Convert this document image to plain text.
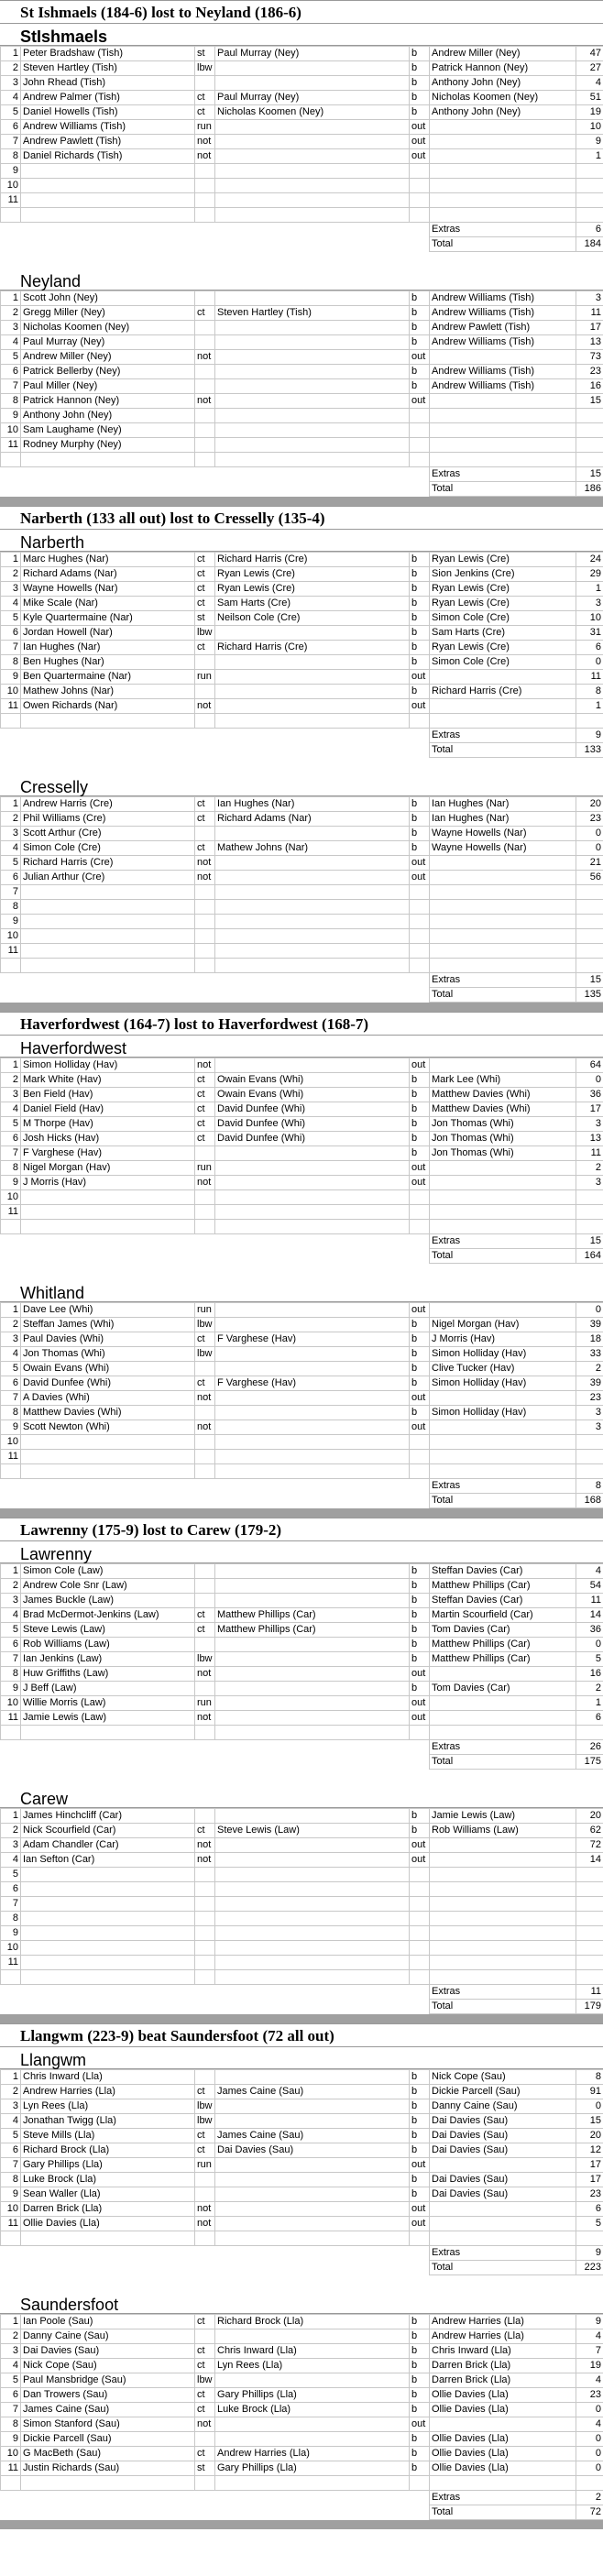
St Ishmaels (184-6) lost to Neyland (186-6)
StIshmaels
1	Peter Bradshaw (Tish)	st	Paul Murray (Ney)	b	Andrew Miller (Ney)	47
2	Steven Hartley (Tish)	lbw		b	Patrick Hannon (Ney)	27
3	John Rhead (Tish)			b	Anthony John (Ney)	4
4	Andrew Palmer (Tish)	ct	Paul Murray (Ney)	b	Nicholas Koomen (Ney)	51
5	Daniel Howells (Tish)	ct	Nicholas Koomen (Ney)	b	Anthony John (Ney)	19
6	Andrew Williams (Tish)	run		out		10
7	Andrew Pawlett (Tish)	not		out		9
8	Daniel Richards (Tish)	not		out		1
9						
10						
11						

					Extras	6
					Total	184
Neyland
1	Scott John (Ney)			b	Andrew Williams (Tish)	3
2	Gregg Miller (Ney)	ct	Steven Hartley (Tish)	b	Andrew Williams (Tish)	11
3	Nicholas Koomen (Ney)			b	Andrew Pawlett (Tish)	17
4	Paul Murray (Ney)			b	Andrew Williams (Tish)	13
5	Andrew Miller (Ney)	not		out		73
6	Patrick Bellerby (Ney)			b	Andrew Williams (Tish)	23
7	Paul Miller (Ney)			b	Andrew Williams (Tish)	16
8	Patrick Hannon (Ney)	not		out		15
9	Anthony John (Ney)					
10	Sam Laughame (Ney)					
11	Rodney Murphy (Ney)					

					Extras	15
					Total	186
Narberth (133 all out) lost to Cresselly (135-4)
Narberth
1	Marc Hughes (Nar)	ct	Richard Harris (Cre)	b	Ryan Lewis (Cre)	24
2	Richard Adams (Nar)	ct	Ryan Lewis (Cre)	b	Sion Jenkins (Cre)	29
3	Wayne Howells (Nar)	ct	Ryan Lewis (Cre)	b	Ryan Lewis (Cre)	1
4	Mike Scale (Nar)	ct	Sam Harts (Cre)	b	Ryan Lewis (Cre)	3
5	Kyle Quartermaine (Nar)	st	Neilson Cole (Cre)	b	Simon Cole (Cre)	10
6	Jordan Howell (Nar)	lbw		b	Sam Harts (Cre)	31
7	Ian Hughes (Nar)	ct	Richard Harris (Cre)	b	Ryan Lewis (Cre)	6
8	Ben Hughes (Nar)			b	Simon Cole (Cre)	0
9	Ben Quartermaine (Nar)	run		out		11
10	Mathew Johns (Nar)			b	Richard Harris (Cre)	8
11	Owen Richards (Nar)	not		out		1

					Extras	9
					Total	133
Cresselly
1	Andrew Harris (Cre)	ct	Ian Hughes (Nar)	b	Ian Hughes (Nar)	20
2	Phil Williams (Cre)	ct	Richard Adams (Nar)	b	Ian Hughes (Nar)	23
3	Scott Arthur (Cre)			b	Wayne Howells (Nar)	0
4	Simon Cole (Cre)	ct	Mathew Johns (Nar)	b	Wayne Howells (Nar)	0
5	Richard Harris (Cre)	not		out		21
6	Julian Arthur (Cre)	not		out		56
7						
8						
9						
10						
11						

					Extras	15
					Total	135
Haverfordwest (164-7) lost to Haverfordwest (168-7)
Haverfordwest
1	Simon Holliday (Hav)	not		out		64
2	Mark White (Hav)	ct	Owain Evans (Whi)	b	Mark Lee (Whi)	0
3	Ben Field (Hav)	ct	Owain Evans (Whi)	b	Matthew Davies (Whi)	36
4	Daniel Field (Hav)	ct	David Dunfee (Whi)	b	Matthew Davies (Whi)	17
5	M Thorpe (Hav)	ct	David Dunfee (Whi)	b	Jon Thomas (Whi)	3
6	Josh Hicks (Hav)	ct	David Dunfee (Whi)	b	Jon Thomas (Whi)	13
7	F Varghese (Hav)			b	Jon Thomas (Whi)	11
8	Nigel Morgan (Hav)	run		out		2
9	J Morris (Hav)	not		out		3
10						
11						

					Extras	15
					Total	164
Whitland
1	Dave Lee (Whi)	run		out		0
2	Steffan James (Whi)	lbw		b	Nigel Morgan (Hav)	39
3	Paul Davies (Whi)	ct	F Varghese (Hav)	b	J Morris (Hav)	18
4	Jon Thomas (Whi)	lbw		b	Simon Holliday (Hav)	33
5	Owain Evans (Whi)			b	Clive Tucker (Hav)	2
6	David Dunfee (Whi)	ct	F Varghese (Hav)	b	Simon Holliday (Hav)	39
7	A Davies (Whi)	not		out		23
8	Matthew Davies (Whi)			b	Simon Holliday (Hav)	3
9	Scott Newton (Whi)	not		out		3
10						
11						

					Extras	8
					Total	168
Lawrenny (175-9) lost to Carew (179-2)
Lawrenny
1	Simon Cole (Law)			b	Steffan Davies (Car)	4
2	Andrew Cole Snr (Law)			b	Matthew Phillips (Car)	54
3	James Buckle (Law)			b	Steffan Davies (Car)	11
4	Brad McDermot-Jenkins (Law)	ct	Matthew Phillips (Car)	b	Martin Scourfield (Car)	14
5	Steve Lewis (Law)	ct	Matthew Phillips (Car)	b	Tom Davies (Car)	36
6	Rob Williams (Law)			b	Matthew Phillips (Car)	0
7	Ian Jenkins (Law)	lbw		b	Matthew Phillips (Car)	5
8	Huw Griffiths (Law)	not		out		16
9	J Beff (Law)			b	Tom Davies (Car)	2
10	Willie Morris (Law)	run		out		1
11	Jamie Lewis (Law)	not		out		6

					Extras	26
					Total	175
Carew
1	James Hinchcliff (Car)			b	Jamie Lewis (Law)	20
2	Nick Scourfield (Car)	ct	Steve Lewis (Law)	b	Rob Williams (Law)	62
3	Adam Chandler (Car)	not		out		72
4	Ian Sefton (Car)	not		out		14
5						
6						
7						
8						
9						
10						
11						

					Extras	11
					Total	179
Llangwm (223-9) beat Saundersfoot (72 all out)
Llangwm
1	Chris Inward (Lla)			b	Nick Cope (Sau)	8
2	Andrew Harries (Lla)	ct	James Caine (Sau)	b	Dickie Parcell (Sau)	91
3	Lyn Rees (Lla)	lbw		b	Danny Caine (Sau)	0
4	Jonathan Twigg (Lla)	lbw		b	Dai Davies (Sau)	15
5	Steve Mills (Lla)	ct	James Caine (Sau)	b	Dai Davies (Sau)	20
6	Richard Brock (Lla)	ct	Dai Davies (Sau)	b	Dai Davies (Sau)	12
7	Gary Phillips (Lla)	run		out		17
8	Luke Brock (Lla)			b	Dai Davies (Sau)	17
9	Sean Waller (Lla)			b	Dai Davies (Sau)	23
10	Darren Brick (Lla)	not		out		6
11	Ollie Davies (Lla)	not		out		5

					Extras	9
					Total	223
Saundersfoot
1	Ian Poole (Sau)	ct	Richard Brock (Lla)	b	Andrew Harries (Lla)	9
2	Danny Caine (Sau)			b	Andrew Harries (Lla)	4
3	Dai Davies (Sau)	ct	Chris Inward (Lla)	b	Chris Inward (Lla)	7
4	Nick Cope (Sau)	ct	Lyn Rees (Lla)	b	Darren Brick (Lla)	19
5	Paul Mansbridge (Sau)	lbw		b	Darren Brick (Lla)	4
6	Dan Trowers (Sau)	ct	Gary Phillips (Lla)	b	Ollie Davies (Lla)	23
7	James Caine (Sau)	ct	Luke Brock (Lla)	b	Ollie Davies (Lla)	0
8	Simon Stanford (Sau)	not		out		4
9	Dickie Parcell (Sau)			b	Ollie Davies (Lla)	0
10	G MacBeth (Sau)	ct	Andrew Harries (Lla)	b	Ollie Davies (Lla)	0
11	Justin Richards (Sau)	st	Gary Phillips (Lla)	b	Ollie Davies (Lla)	0

					Extras	2
					Total	72
